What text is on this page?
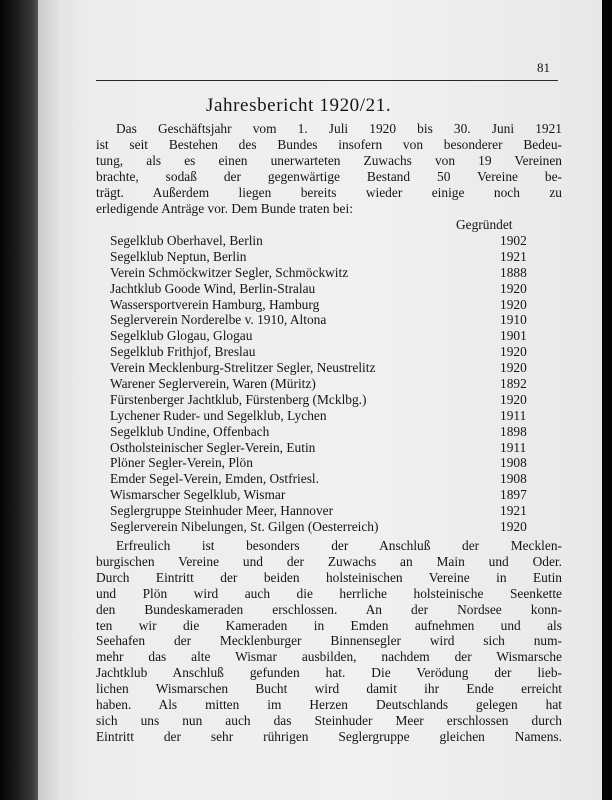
81
Jahresbericht 1920/21.

Das Geschäftsjahr vom 1. Juli 1920 bis 30. Juni 1921
ist seit Bestehen des Bundes insofern von besonderer Bedeu-
tung, als es einen unerwarteten Zuwachs von 19 Vereinen
brachte, sodaß der gegenwärtige Bestand 50 Vereine be-
trägt. Außerdem liegen bereits wieder einige noch zu
erledigende Anträge vor. Dem Bunde traten bei:

Gegründet
Segelklub Oberhavel, Berlin	1902
Segelklub Neptun, Berlin	1921
Verein Schmöckwitzer Segler, Schmöckwitz	1888
Jachtklub Goode Wind, Berlin-Stralau	1920
Wassersportverein Hamburg, Hamburg	1920
Seglerverein Norderelbe v. 1910, Altona	1910
Segelklub Glogau, Glogau	1901
Segelklub Frithjof, Breslau	1920
Verein Mecklenburg-Strelitzer Segler, Neustrelitz	1920
Warener Seglerverein, Waren (Müritz)	1892
Fürstenberger Jachtklub, Fürstenberg (Mcklbg.)	1920
Lychener Ruder- und Segelklub, Lychen	1911
Segelklub Undine, Offenbach	1898
Ostholsteinischer Segler-Verein, Eutin	1911
Plöner Segler-Verein, Plön	1908
Emder Segel-Verein, Emden, Ostfriesl.	1908
Wismarscher Segelklub, Wismar	1897
Seglergruppe Steinhuder Meer, Hannover	1921
Seglerverein Nibelungen, St. Gilgen (Oesterreich)	1920

Erfreulich ist besonders der Anschluß der Mecklen-
burgischen Vereine und der Zuwachs an Main und Oder.
Durch Eintritt der beiden holsteinischen Vereine in Eutin
und Plön wird auch die herrliche holsteinische Seenkette
den Bundeskameraden erschlossen. An der Nordsee konn-
ten wir die Kameraden in Emden aufnehmen und als
Seehafen der Mecklenburger Binnensegler wird sich num-
mehr das alte Wismar ausbilden, nachdem der Wismarsche
Jachtklub Anschluß gefunden hat. Die Verödung der lieb-
lichen Wismarschen Bucht wird damit ihr Ende erreicht
haben. Als mitten im Herzen Deutschlands gelegen hat
sich uns nun auch das Steinhuder Meer erschlossen durch
Eintritt der sehr rührigen Seglergruppe gleichen Namens.
